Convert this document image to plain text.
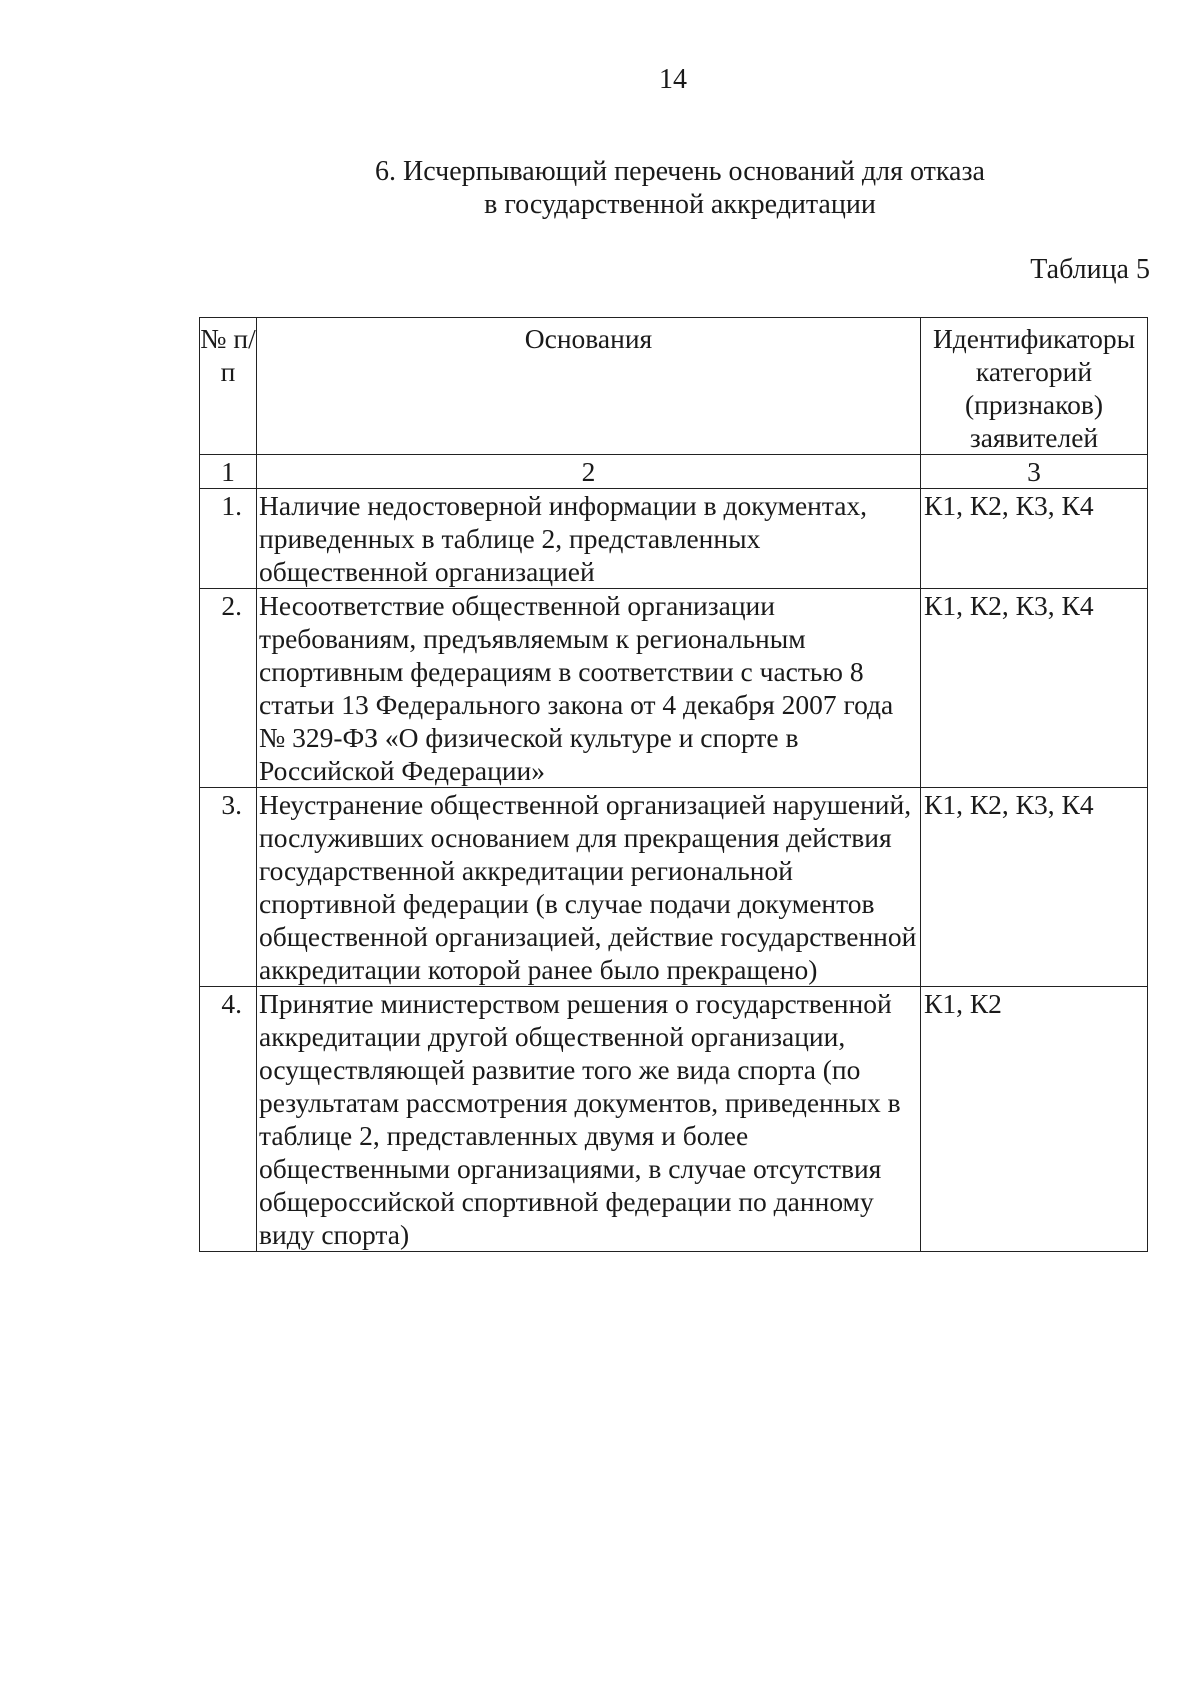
14
6. Исчерпывающий перечень оснований для отказа
в государственной аккредитации
Таблица 5
№ п/п	Основания	Идентификаторы категорий (признаков) заявителей
1	2	3
1.	Наличие недостоверной информации в документах, приведенных в таблице 2, представленных общественной организацией	К1, К2, К3, К4
2.	Несоответствие общественной организации требованиям, предъявляемым к региональным спортивным федерациям в соответствии с частью 8 статьи 13 Федерального закона от 4 декабря 2007 года № 329-ФЗ «О физической культуре и спорте в Российской Федерации»	К1, К2, К3, К4
3.	Неустранение общественной организацией нарушений, послуживших основанием для прекращения действия государственной аккредитации региональной спортивной федерации (в случае подачи документов общественной организацией, действие государственной аккредитации которой ранее было прекращено)	К1, К2, К3, К4
4.	Принятие министерством решения о государственной аккредитации другой общественной организации, осуществляющей развитие того же вида спорта (по результатам рассмотрения документов, приведенных в таблице 2, представленных двумя и более общественными организациями, в случае отсутствия общероссийской спортивной федерации по данному виду спорта)	К1, К2
